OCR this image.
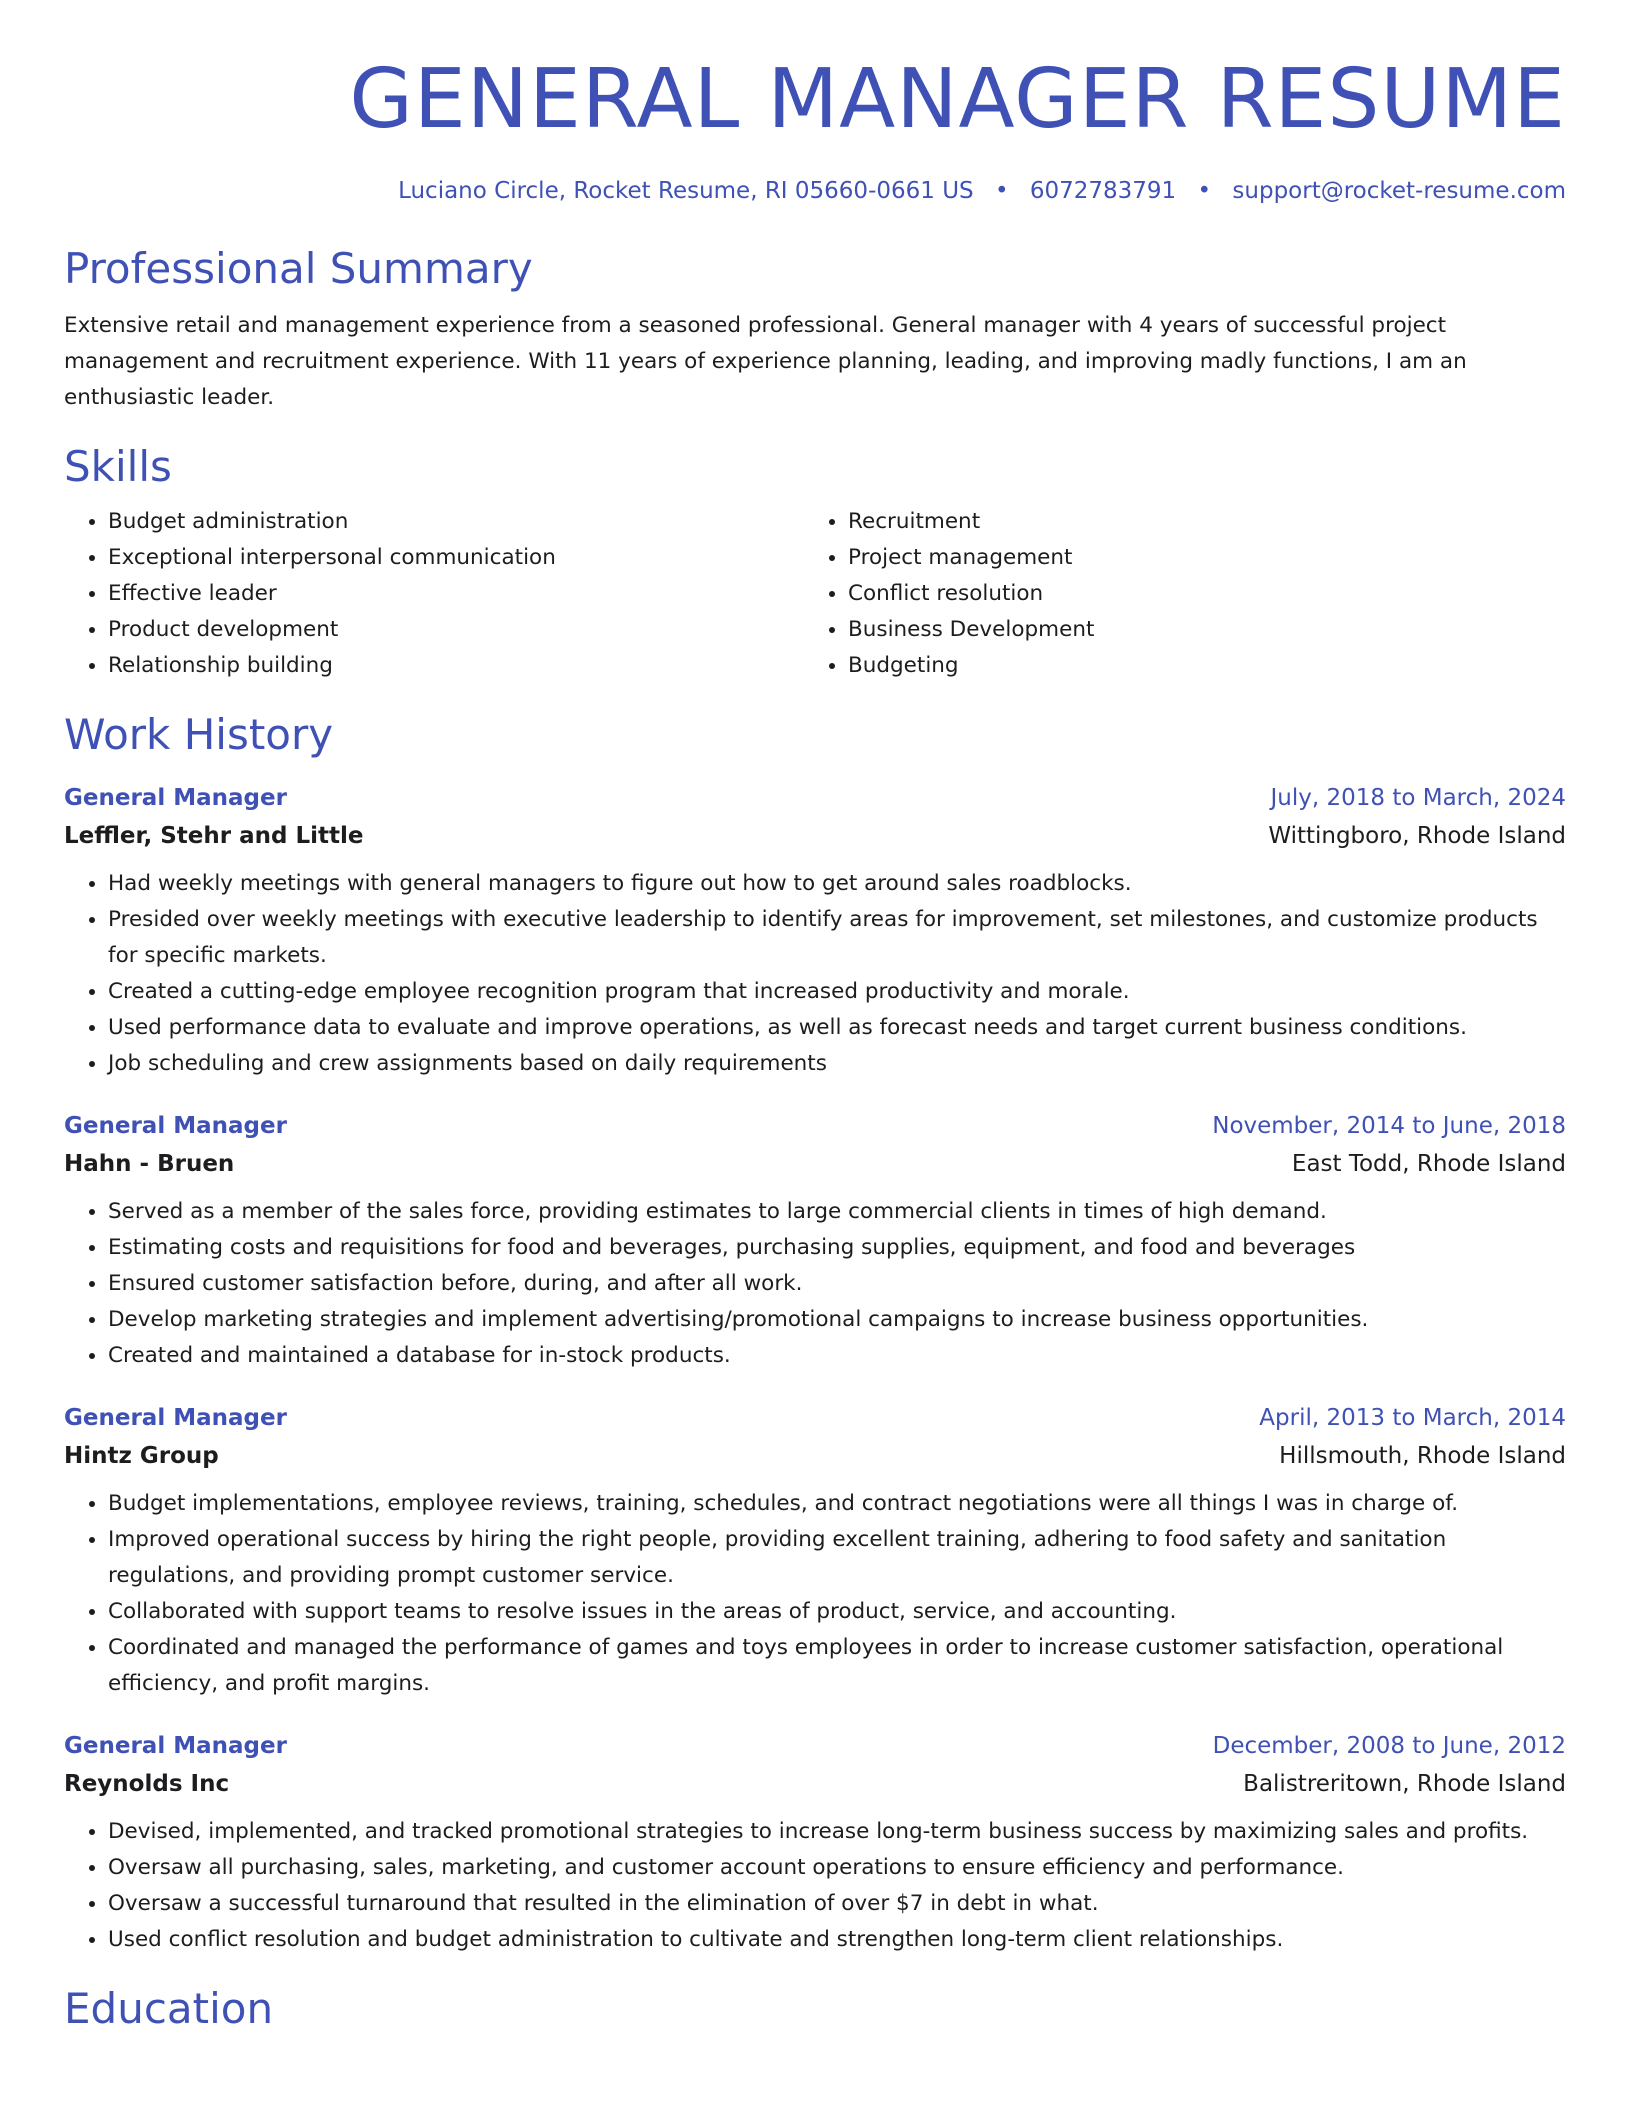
GENERAL MANAGER RESUME
Luciano Circle, Rocket Resume, RI 05660-0661 US • 6072783791 • support@rocket-resume.com
Professional Summary
Extensive retail and management experience from a seasoned professional. General manager with 4 years of successful project management and recruitment experience. With 11 years of experience planning, leading, and improving madly functions, I am an enthusiastic leader.
Skills
• Budget administration
• Exceptional interpersonal communication
• Effective leader
• Product development
• Relationship building
• Recruitment
• Project management
• Conflict resolution
• Business Development
• Budgeting
Work History
General Manager	July, 2018 to March, 2024
Leffler, Stehr and Little	Wittingboro, Rhode Island
• Had weekly meetings with general managers to figure out how to get around sales roadblocks.
• Presided over weekly meetings with executive leadership to identify areas for improvement, set milestones, and customize products for specific markets.
• Created a cutting-edge employee recognition program that increased productivity and morale.
• Used performance data to evaluate and improve operations, as well as forecast needs and target current business conditions.
• Job scheduling and crew assignments based on daily requirements
General Manager	November, 2014 to June, 2018
Hahn - Bruen	East Todd, Rhode Island
• Served as a member of the sales force, providing estimates to large commercial clients in times of high demand.
• Estimating costs and requisitions for food and beverages, purchasing supplies, equipment, and food and beverages
• Ensured customer satisfaction before, during, and after all work.
• Develop marketing strategies and implement advertising/promotional campaigns to increase business opportunities.
• Created and maintained a database for in-stock products.
General Manager	April, 2013 to March, 2014
Hintz Group	Hillsmouth, Rhode Island
• Budget implementations, employee reviews, training, schedules, and contract negotiations were all things I was in charge of.
• Improved operational success by hiring the right people, providing excellent training, adhering to food safety and sanitation regulations, and providing prompt customer service.
• Collaborated with support teams to resolve issues in the areas of product, service, and accounting.
• Coordinated and managed the performance of games and toys employees in order to increase customer satisfaction, operational efficiency, and profit margins.
General Manager	December, 2008 to June, 2012
Reynolds Inc	Balistreritown, Rhode Island
• Devised, implemented, and tracked promotional strategies to increase long-term business success by maximizing sales and profits.
• Oversaw all purchasing, sales, marketing, and customer account operations to ensure efficiency and performance.
• Oversaw a successful turnaround that resulted in the elimination of over $7 in debt in what.
• Used conflict resolution and budget administration to cultivate and strengthen long-term client relationships.
Education
